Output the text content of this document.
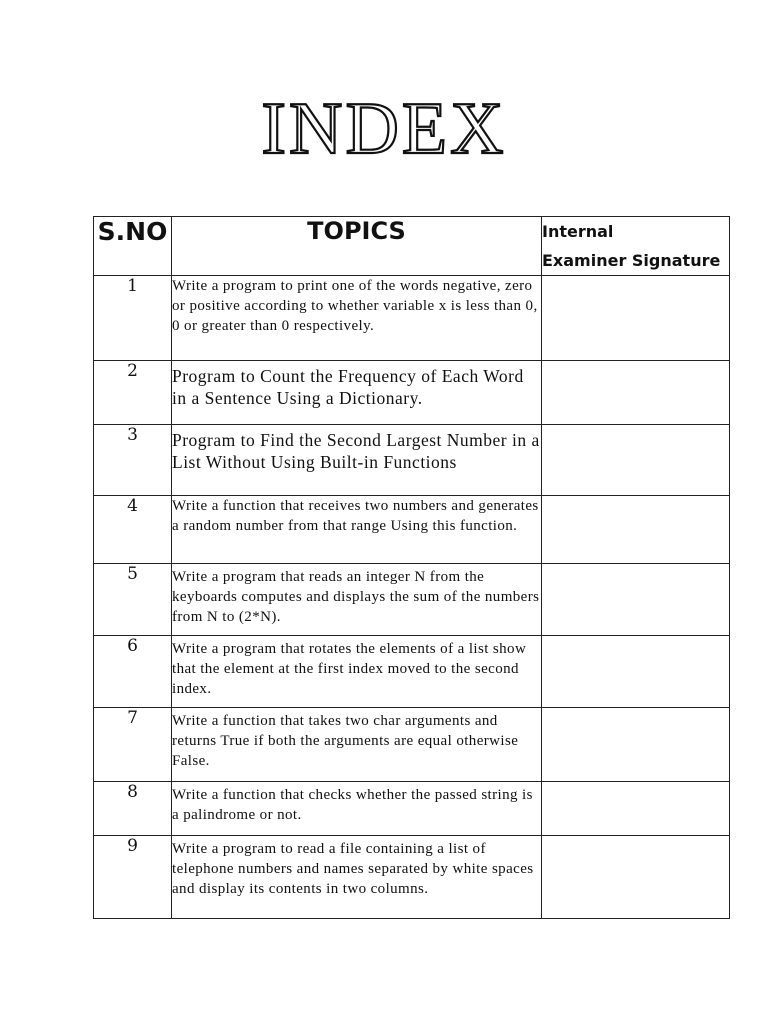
INDEX
S.NO	TOPICS	Internal
Examiner Signature
1	Write a program to print one of the words negative, zero or positive according to whether variable x is less than 0, 0 or greater than 0 respectively.	
2	Program to Count the Frequency of Each Word in a Sentence Using a Dictionary.	
3	Program to Find the Second Largest Number in a List Without Using Built-in Functions	
4	Write a function that receives two numbers and generates a random number from that range Using this function.	
5	Write a program that reads an integer N from the keyboards computes and displays the sum of the numbers from N to (2*N).	
6	Write a program that rotates the elements of a list show that the element at the first index moved to the second index.	
7	Write a function that takes two char arguments and returns True if both the arguments are equal otherwise False.	
8	Write a function that checks whether the passed string is a palindrome or not.	
9	Write a program to read a file containing a list of telephone numbers and names separated by white spaces and display its contents in two columns.	
